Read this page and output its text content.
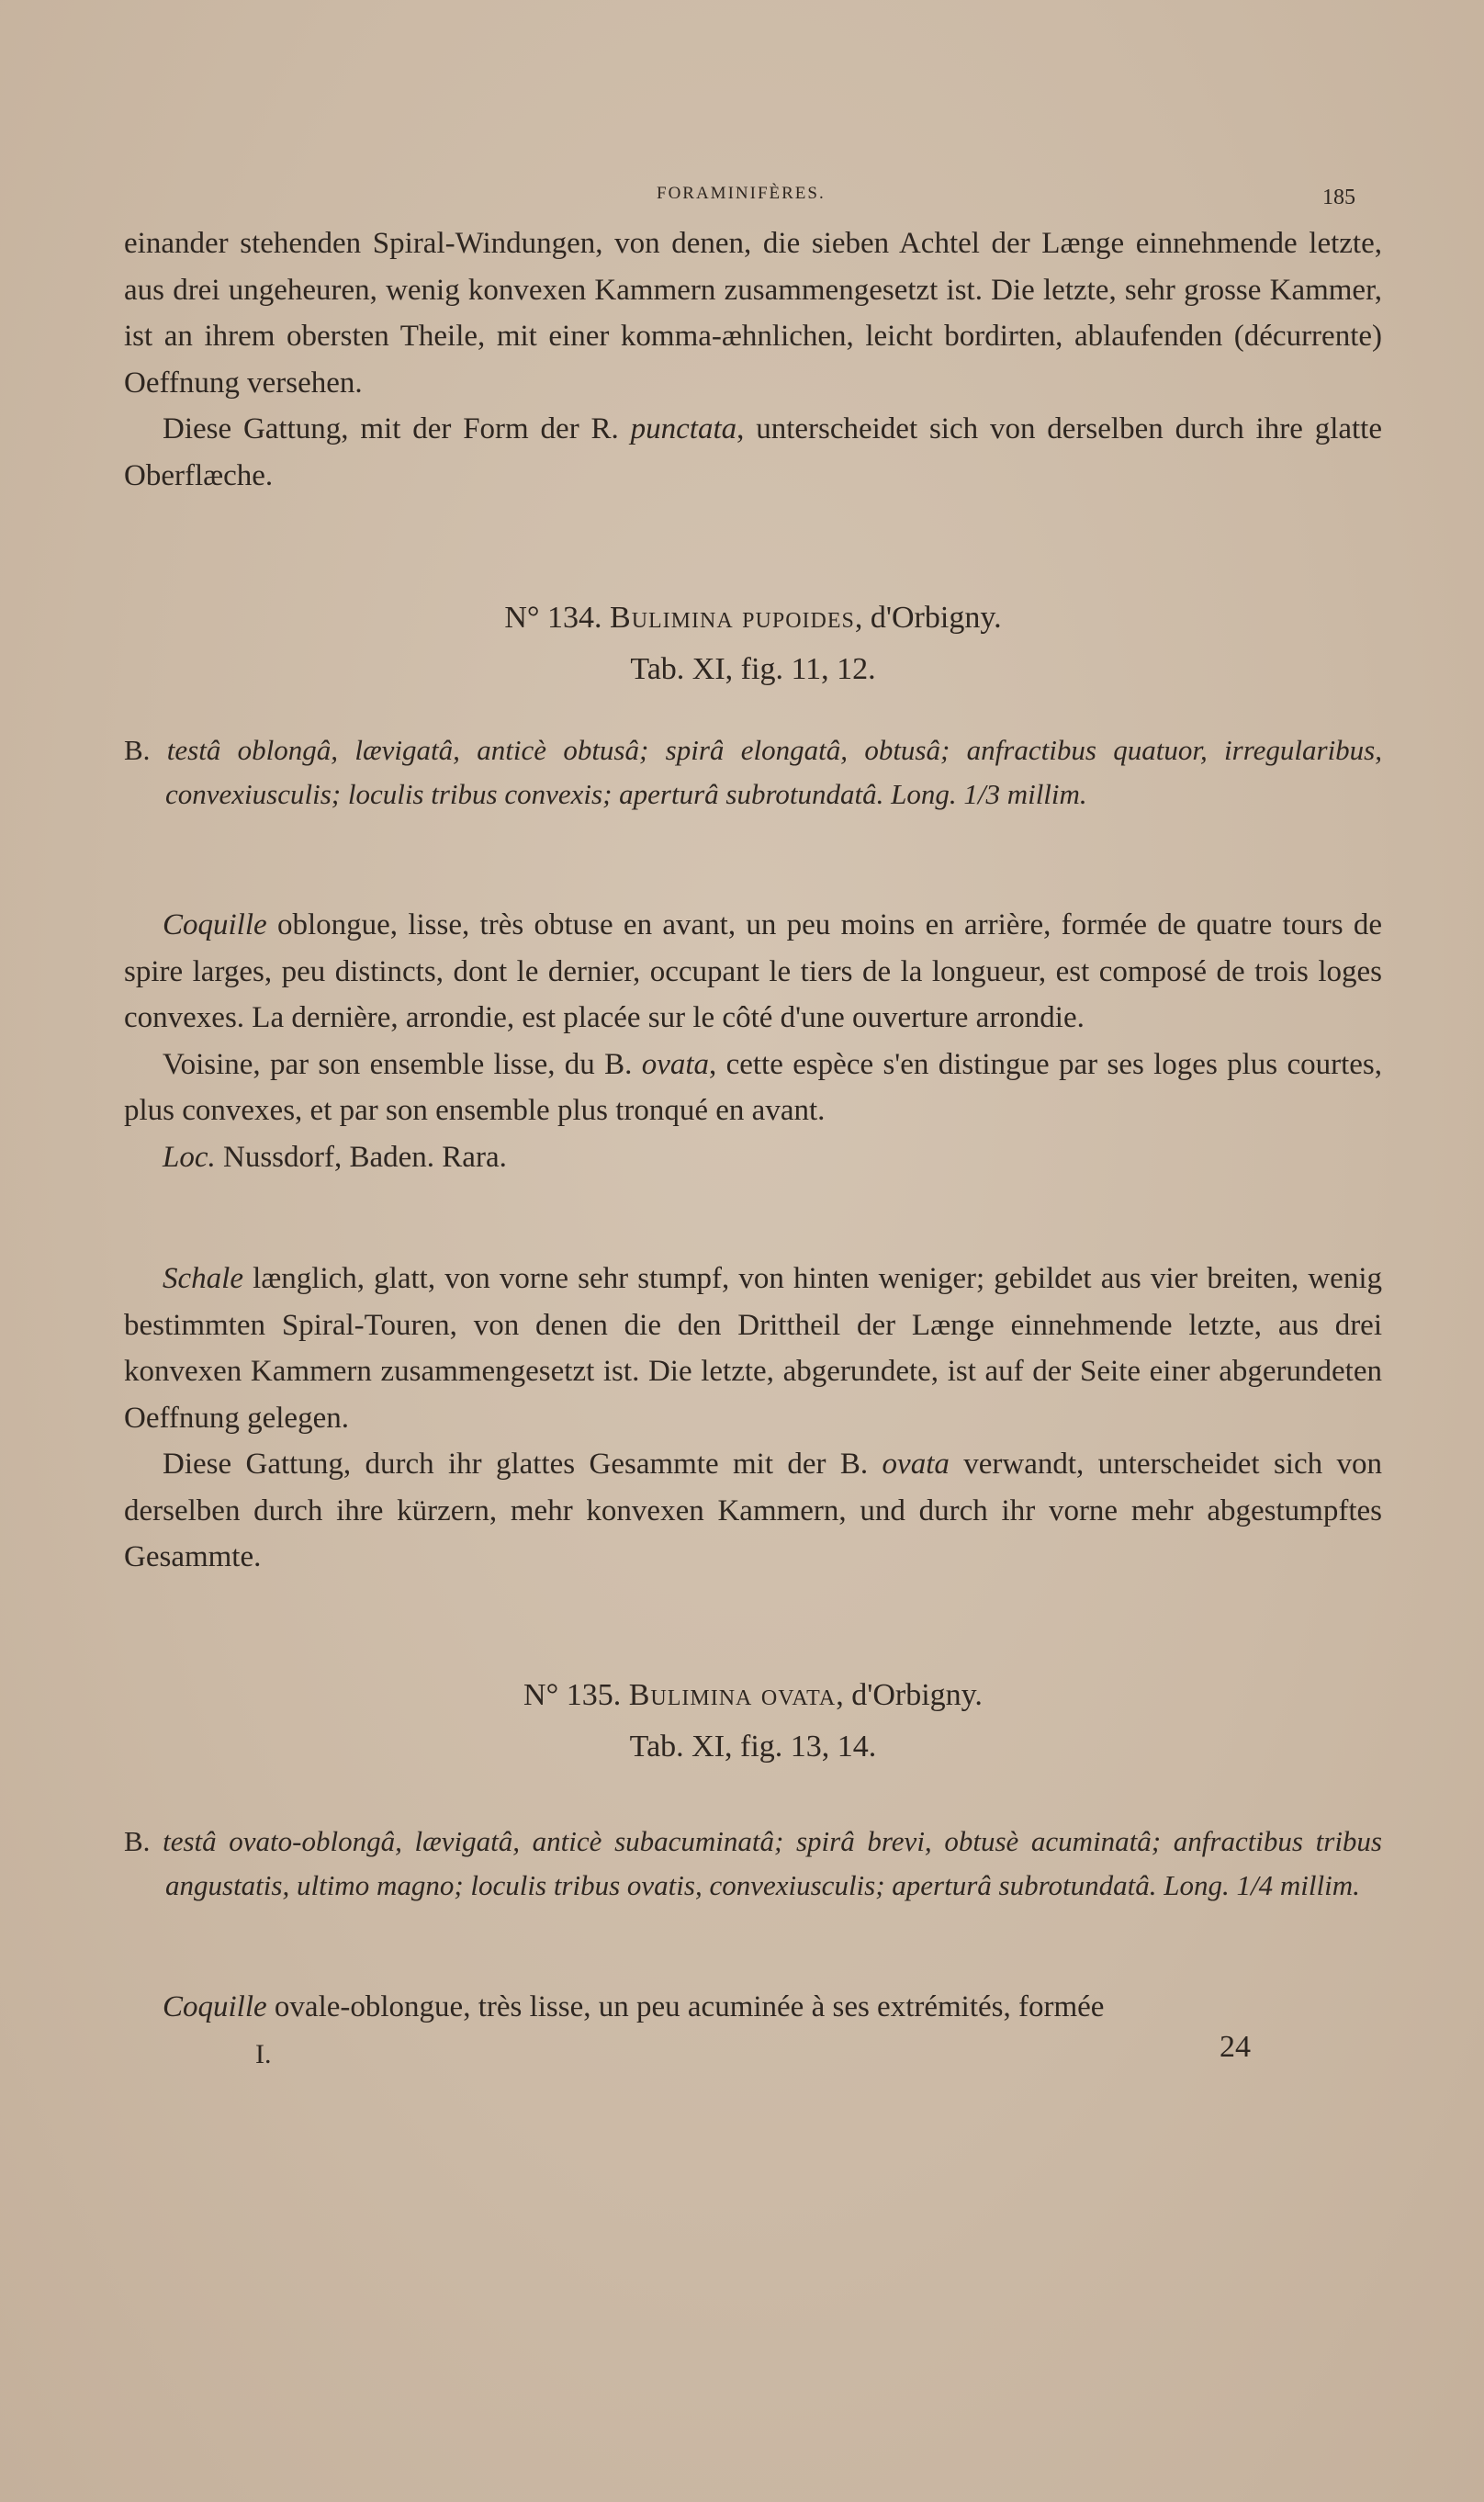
FORAMINIFÈRES.	185

einander stehenden Spiral-Windungen, von denen, die sieben Achtel der Længe einnehmende letzte, aus drei ungeheuren, wenig konvexen Kammern zusammengesetzt ist. Die letzte, sehr grosse Kammer, ist an ihrem obersten Theile, mit einer komma-æhnlichen, leicht bordirten, ablaufenden (décurrente) Oeffnung versehen.

Diese Gattung, mit der Form der R. punctata, unterscheidet sich von derselben durch ihre glatte Oberflæche.

N° 134. Bulimina pupoides, d'Orbigny.
Tab. XI, fig. 11, 12.

B. testâ oblongâ, lævigatâ, anticè obtusâ; spirâ elongatâ, obtusâ; anfractibus quatuor, irregularibus, convexiusculis; loculis tribus convexis; aperturâ subrotundatâ. Long. 1/3 millim.

Coquille oblongue, lisse, très obtuse en avant, un peu moins en arrière, formée de quatre tours de spire larges, peu distincts, dont le dernier, occupant le tiers de la longueur, est composé de trois loges convexes. La dernière, arrondie, est placée sur le côté d'une ouverture arrondie.

Voisine, par son ensemble lisse, du B. ovata, cette espèce s'en distingue par ses loges plus courtes, plus convexes, et par son ensemble plus tronqué en avant.

Loc. Nussdorf, Baden. Rara.

Schale længlich, glatt, von vorne sehr stumpf, von hinten weniger; gebildet aus vier breiten, wenig bestimmten Spiral-Touren, von denen die den Drittheil der Længe einnehmende letzte, aus drei konvexen Kammern zusammengesetzt ist. Die letzte, abgerundete, ist auf der Seite einer abgerundeten Oeffnung gelegen.

Diese Gattung, durch ihr glattes Gesammte mit der B. ovata verwandt, unterscheidet sich von derselben durch ihre kürzern, mehr konvexen Kammern, und durch ihr vorne mehr abgestumpftes Gesammte.

N° 135. Bulimina ovata, d'Orbigny.
Tab. XI, fig. 13, 14.

B. testâ ovato-oblongâ, lævigatâ, anticè subacuminatâ; spirâ brevi, obtusè acuminatâ; anfractibus tribus angustatis, ultimo magno; loculis tribus ovatis, convexiusculis; aperturâ subrotundatâ. Long. 1/4 millim.

Coquille ovale-oblongue, très lisse, un peu acuminée à ses extrémités, formée

I.	24
